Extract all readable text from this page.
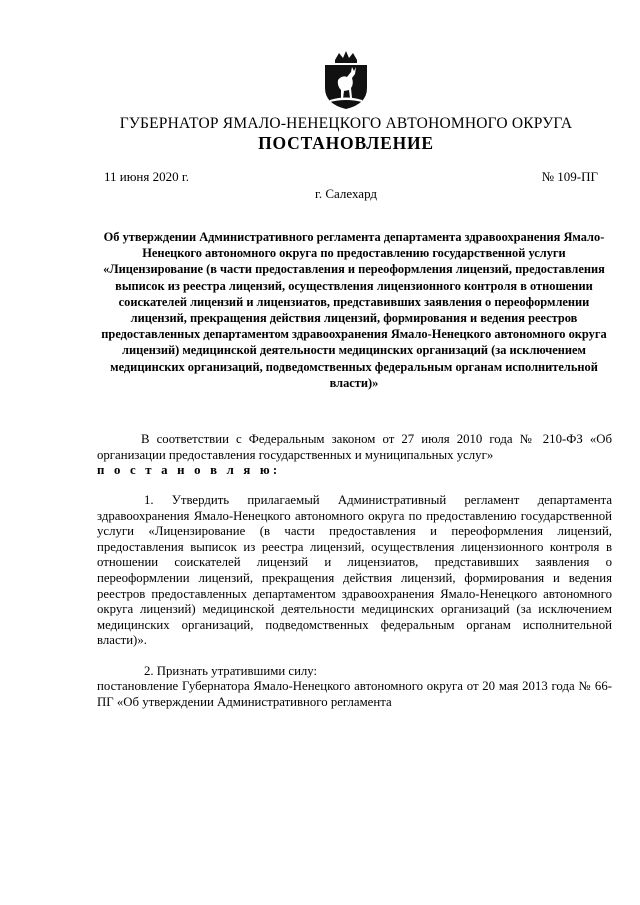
ГУБЕРНАТОР ЯМАЛО-НЕНЕЦКОГО АВТОНОМНОГО ОКРУГА
ПОСТАНОВЛЕНИЕ
11 июня 2020 г.	№ 109-ПГ
г. Салехард
Об утверждении Административного регламента департамента здравоохранения Ямало-Ненецкого автономного округа по предоставлению государственной услуги «Лицензирование (в части предоставления и переоформления лицензий, предоставления выписок из реестра лицензий, осуществления лицензионного контроля в отношении соискателей лицензий и лицензиатов, представивших заявления о переоформлении лицензий, прекращения действия лицензий, формирования и ведения реестров предоставленных департаментом здравоохранения Ямало-Ненецкого автономного округа лицензий) медицинской деятельности медицинских организаций (за исключением медицинских организаций, подведомственных федеральным органам исполнительной власти)»
В соответствии с Федеральным законом от 27 июля 2010 года № 210-ФЗ «Об организации предоставления государственных и муниципальных услуг»
п о с т а н о в л я ю:
1. Утвердить прилагаемый Административный регламент департамента здравоохранения Ямало-Ненецкого автономного округа по предоставлению государственной услуги «Лицензирование (в части предоставления и переоформления лицензий, предоставления выписок из реестра лицензий, осуществления лицензионного контроля в отношении соискателей лицензий и лицензиатов, представивших заявления о переоформлении лицензий, прекращения действия лицензий, формирования и ведения реестров предоставленных департаментом здравоохранения Ямало-Ненецкого автономного округа лицензий) медицинской деятельности медицинских организаций (за исключением медицинских организаций, подведомственных федеральным органам исполнительной власти)».
2. Признать утратившими силу:
постановление Губернатора Ямало-Ненецкого автономного округа от 20 мая 2013 года № 66-ПГ «Об утверждении Административного регламента
